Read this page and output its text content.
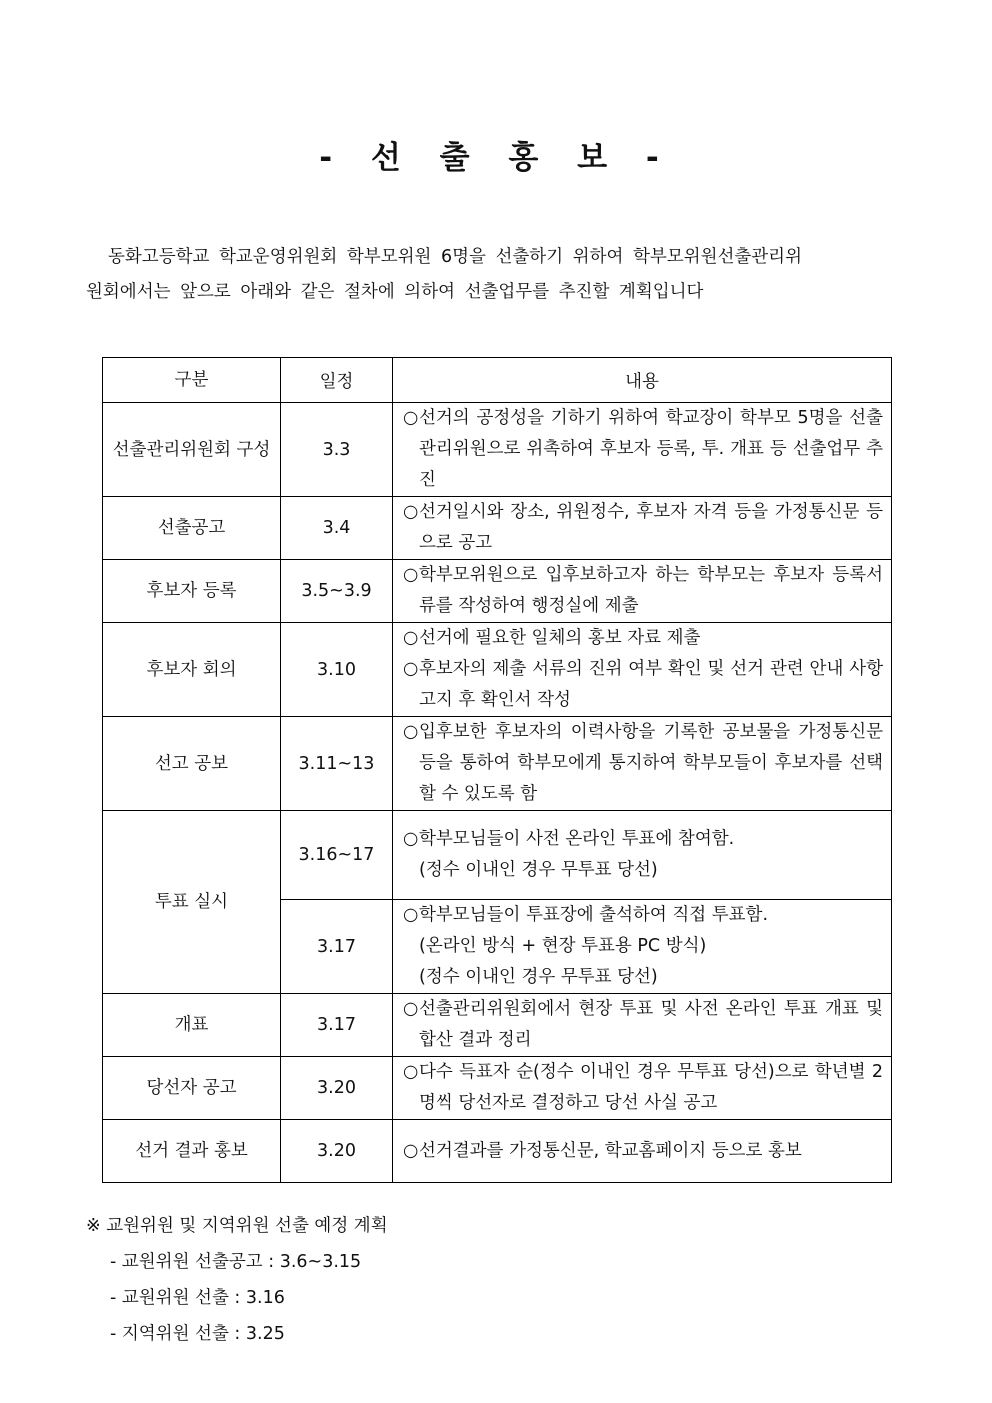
- 선 출 홍 보 -
동화고등학교 학교운영위원회 학부모위원 6명을 선출하기 위하여 학부모위원선출관리위
원회에서는 앞으로 아래와 같은 절차에 의하여 선출업무를 추진할 계획입니다
구분	일정	내용
선출관리위원회 구성	3.3	○선거의 공정성을 기하기 위하여 학교장이 학부모 5명을 선출관리위원으로 위촉하여 후보자 등록, 투. 개표 등 선출업무 추진

선출공고	3.4	○선거일시와 장소, 위원정수, 후보자 자격 등을 가정통신문 등으로 공고

후보자 등록	3.5~3.9	○학부모위원으로 입후보하고자 하는 학부모는 후보자 등록서류를 작성하여 행정실에 제출

후보자 회의	3.10	○선거에 필요한 일체의 홍보 자료 제출
○후보자의 제출 서류의 진위 여부 확인 및 선거 관련 안내 사항 고지 후 확인서 작성

선고 공보	3.11~13	○입후보한 후보자의 이력사항을 기록한 공보물을 가정통신문 등을 통하여 학부모에게 통지하여 학부모들이 후보자를 선택할 수 있도록 함

투표 실시	3.16~17	○학부모님들이 사전 온라인 투표에 참여함.
(정수 이내인 경우 무투표 당선)

	3.17	○학부모님들이 투표장에 출석하여 직접 투표함.
(온라인 방식 + 현장 투표용 PC 방식)
(정수 이내인 경우 무투표 당선)

개표	3.17	○선출관리위원회에서 현장 투표 및 사전 온라인 투표 개표 및 합산 결과 정리

당선자 공고	3.20	○다수 득표자 순(정수 이내인 경우 무투표 당선)으로 학년별 2명씩 당선자로 결정하고 당선 사실 공고

선거 결과 홍보	3.20	○선거결과를 가정통신문, 학교홈페이지 등으로 홍보
※ 교원위원 및 지역위원 선출 예정 계획
- 교원위원 선출공고 : 3.6~3.15
- 교원위원 선출 : 3.16
- 지역위원 선출 : 3.25
